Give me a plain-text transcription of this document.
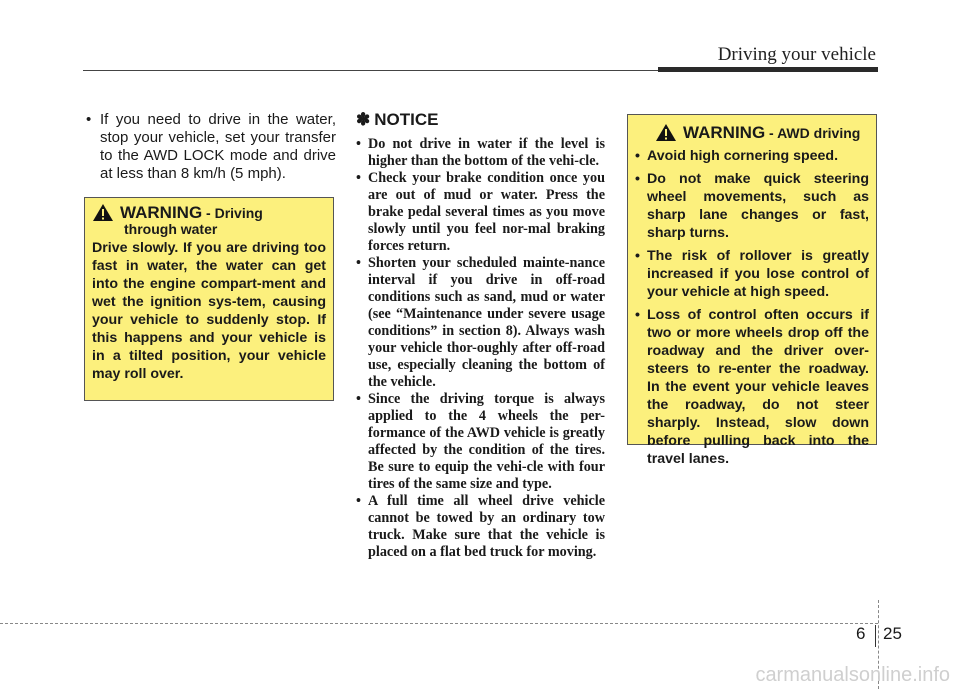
Driving your vehicle
• If you need to drive in the water, stop your vehicle, set your transfer to the AWD LOCK mode and drive at less than 8 km/h (5 mph).
WARNING - Driving
through water
Drive slowly. If you are driving too fast in water, the water can get into the engine compart-ment and wet the ignition sys-tem, causing your vehicle to suddenly stop. If this happens and your vehicle is in a tilted position, your vehicle may roll over.
✽ NOTICE
• Do not drive in water if the level is higher than the bottom of the vehi-cle.
• Check your brake condition once you are out of mud or water. Press the brake pedal several times as you move slowly until you feel nor-mal braking forces return.
• Shorten your scheduled mainte-nance interval if you drive in off-road conditions such as sand, mud or water (see “Maintenance under severe usage conditions” in section 8). Always wash your vehicle thor-oughly after off-road use, especially cleaning the bottom of the vehicle.
• Since the driving torque is always applied to the 4 wheels the per-formance of the AWD vehicle is greatly affected by the condition of the tires. Be sure to equip the vehi-cle with four tires of the same size and type.
• A full time all wheel drive vehicle cannot be towed by an ordinary tow truck. Make sure that the vehicle is placed on a flat bed truck for moving.
WARNING - AWD driving
• Avoid high cornering speed.
• Do not make quick steering wheel movements, such as sharp lane changes or fast, sharp turns.
• The risk of rollover is greatly increased if you lose control of your vehicle at high speed.
• Loss of control often occurs if two or more wheels drop off the roadway and the driver over-steers to re-enter the roadway. In the event your vehicle leaves the roadway, do not steer sharply. Instead, slow down before pulling back into the travel lanes.
6 25
carmanualsonline.info
